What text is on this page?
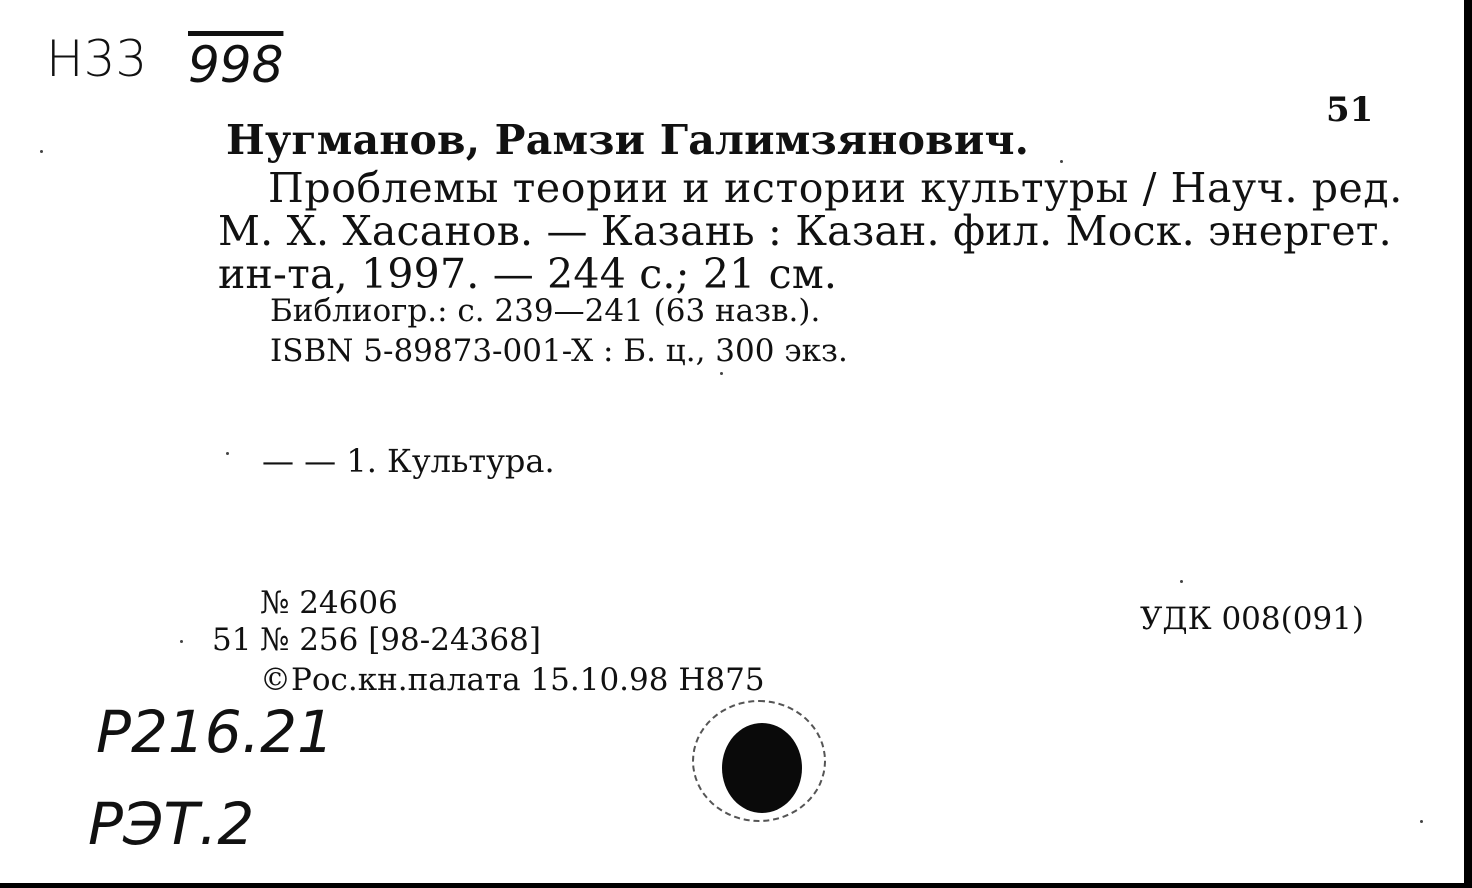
Н33 998
51
Нугманов, Рамзи Галимзянович.
Проблемы теории и истории культуры / Науч. ред.
М. Х. Хасанов. — Казань : Казан. фил. Моск. энергет.
ин-та, 1997. — 244 с.; 21 см.
Библиогр.: с. 239—241 (63 назв.).
ISBN 5-89873-001-X : Б. ц., 300 экз.
— — 1. Культура.
№ 24606
51 № 256 [98-24368]
©Рос.кн.палата 15.10.98 Н875
УДК 008(091)
Р216.21
РЭТ.2
